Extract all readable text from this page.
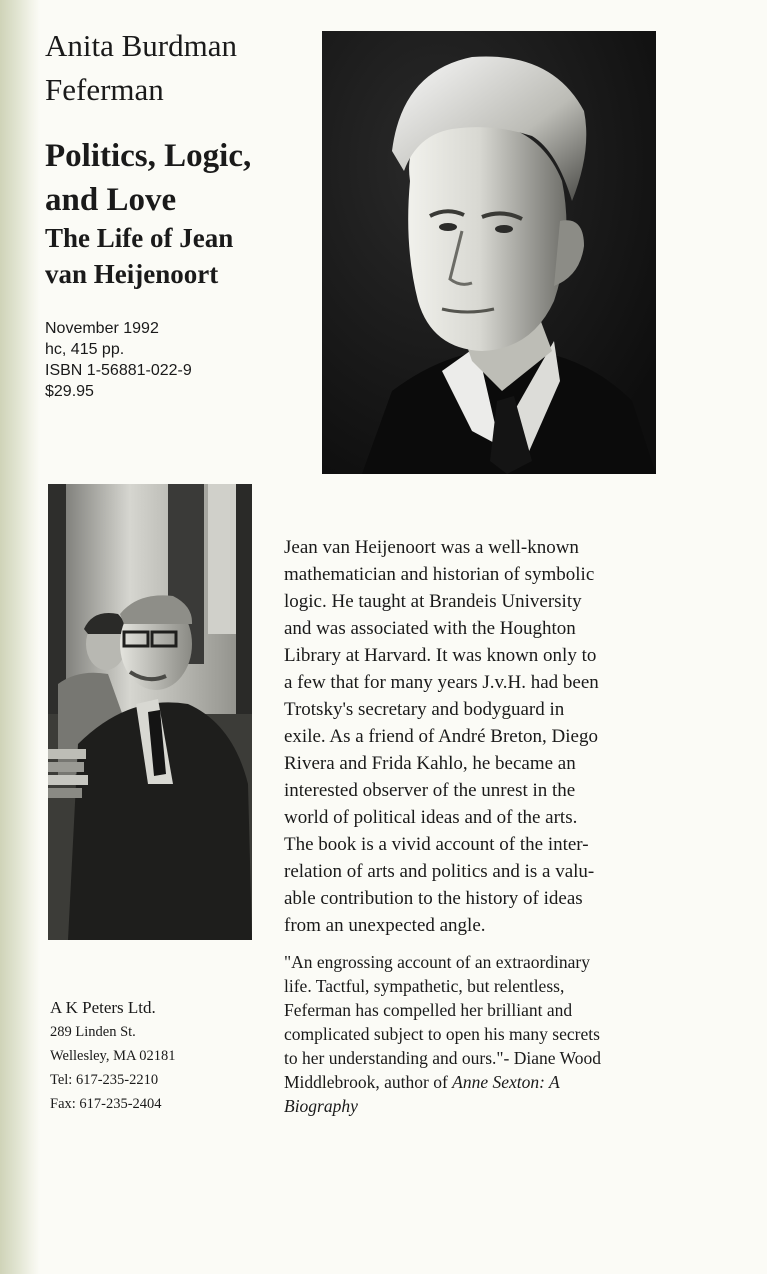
Anita Burdman
Feferman
Politics, Logic,
and Love
The Life of Jean
van Heijenoort
November 1992
hc, 415 pp.
ISBN 1-56881-022-9
$29.95
Jean van Heijenoort was a well-known
mathematician and historian of symbolic
logic. He taught at Brandeis University
and was associated with the Houghton
Library at Harvard. It was known only to
a few that for many years J.v.H. had been
Trotsky's secretary and bodyguard in
exile. As a friend of André Breton, Diego
Rivera and Frida Kahlo, he became an
interested observer of the unrest in the
world of political ideas and of the arts.
The book is a vivid account of the inter-
relation of arts and politics and is a valu-
able contribution to the history of ideas
from an unexpected angle.
"An engrossing account of an extraordinary
life. Tactful, sympathetic, but relentless,
Feferman has compelled her brilliant and
complicated subject to open his many secrets
to her understanding and ours."- Diane Wood
Middlebrook, author of Anne Sexton: A
Biography
A K Peters Ltd.
289 Linden St.
Wellesley, MA 02181
Tel: 617-235-2210
Fax: 617-235-2404
